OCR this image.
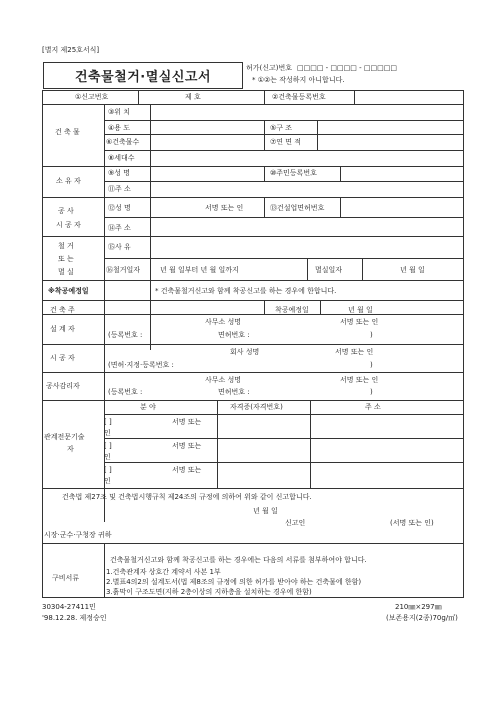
[별지 제25호서식]
건축물철거·멸실신고서
허가(신고)번호 □□□□ - □□□□ - □□□□□
* ①②는 작성하지 아니합니다.
①신고번호	제 호	②건축물등록번호
건 축 물
③위 치
④용 도	⑤구 조
⑥건축물수	⑦연 면 적
⑧세대수
소 유 자
⑨성 명	⑩주민등록번호
⑪주 소
공 사
시 공 자
⑫성 명	서명 또는 인	⑬건설업면허번호
⑭주 소
철 거
또 는
멸 실
⑮사 유
⑯철거일자	년 월 일부터 년 월 일까지	멸실일자	년 월 일
※착공예정일	* 건축물철거신고와 함께 착공신고를 하는 경우에 한합니다.
건 축 주	착공예정일	년 월 일
설 계 자
사무소 성명	서명 또는 인
(등록번호 :	면허번호 :	)
시 공 자
회사 성명	서명 또는 인
(면허·지정·등록번호 :	)
공사감리자
사무소 성명	서명 또는 인
(등록번호 :	면허번호 :	)
관계전문기술
자
분 야	자격증(자격번호)	주 소
[ ]	서명 또는
인
[ ]	서명 또는
인
[ ]	서명 또는
인
건축법 제27조 및 건축법시행규칙 제24조의 규정에 의하여 위와 같이 신고합니다.
년 월 일
신고인	(서명 또는 인)
시장·군수·구청장 귀하
구비서류
건축물철거신고와 함께 착공신고를 하는 경우에는 다음의 서류를 첨부하여야 합니다.
1.건축관계자 상호간 계약서 사본 1부
2.별표4의2의 설계도서(법 제8조의 규정에 의한 허가를 받아야 하는 건축물에 한함)
3.흙막이 구조도면(지하 2층이상의 지하층을 설치하는 경우에 한함)
30304-27411민
'98.12.28. 제정승인
210㎜×297㎜
(보존용지(2종)70g/㎡)
